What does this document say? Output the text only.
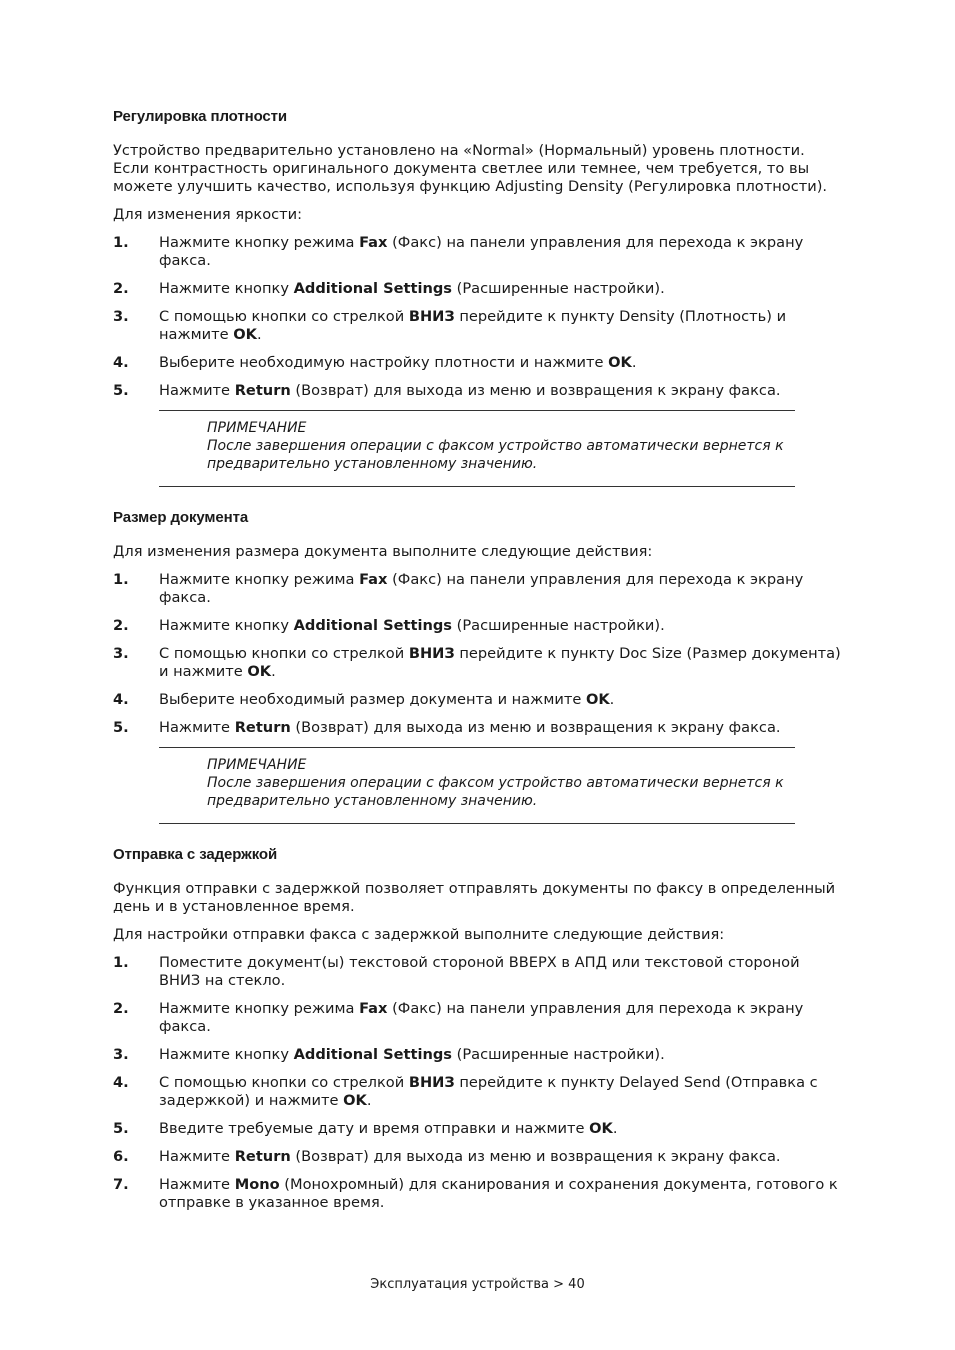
Регулировка плотности

Устройство предварительно установлено на «Normal» (Нормальный) уровень плотности. Если контрастность оригинального документа светлее или темнее, чем требуется, то вы можете улучшить качество, используя функцию Adjusting Density (Регулировка плотности).

Для изменения яркости:

1. Нажмите кнопку режима Fax (Факс) на панели управления для перехода к экрану факса.
2. Нажмите кнопку Additional Settings (Расширенные настройки).
3. С помощью кнопки со стрелкой ВНИЗ перейдите к пункту Density (Плотность) и нажмите OK.
4. Выберите необходимую настройку плотности и нажмите OK.
5. Нажмите Return (Возврат) для выхода из меню и возвращения к экрану факса.
ПРИМЕЧАНИЕ
После завершения операции с факсом устройство автоматически вернется к предварительно установленному значению.
Размер документа

Для изменения размера документа выполните следующие действия:

1. Нажмите кнопку режима Fax (Факс) на панели управления для перехода к экрану факса.
2. Нажмите кнопку Additional Settings (Расширенные настройки).
3. С помощью кнопки со стрелкой ВНИЗ перейдите к пункту Doc Size (Размер документа) и нажмите OK.
4. Выберите необходимый размер документа и нажмите OK.
5. Нажмите Return (Возврат) для выхода из меню и возвращения к экрану факса.
ПРИМЕЧАНИЕ
После завершения операции с факсом устройство автоматически вернется к предварительно установленному значению.
Отправка с задержкой

Функция отправки с задержкой позволяет отправлять документы по факсу в определенный день и в установленное время.

Для настройки отправки факса с задержкой выполните следующие действия:

1. Поместите документ(ы) текстовой стороной ВВЕРХ в АПД или текстовой стороной ВНИЗ на стекло.
2. Нажмите кнопку режима Fax (Факс) на панели управления для перехода к экрану факса.
3. Нажмите кнопку Additional Settings (Расширенные настройки).
4. С помощью кнопки со стрелкой ВНИЗ перейдите к пункту Delayed Send (Отправка с задержкой) и нажмите OK.
5. Введите требуемые дату и время отправки и нажмите OK.
6. Нажмите Return (Возврат) для выхода из меню и возвращения к экрану факса.
7. Нажмите Mono (Монохромный) для сканирования и сохранения документа, готового к отправке в указанное время.
Эксплуатация устройства > 40
